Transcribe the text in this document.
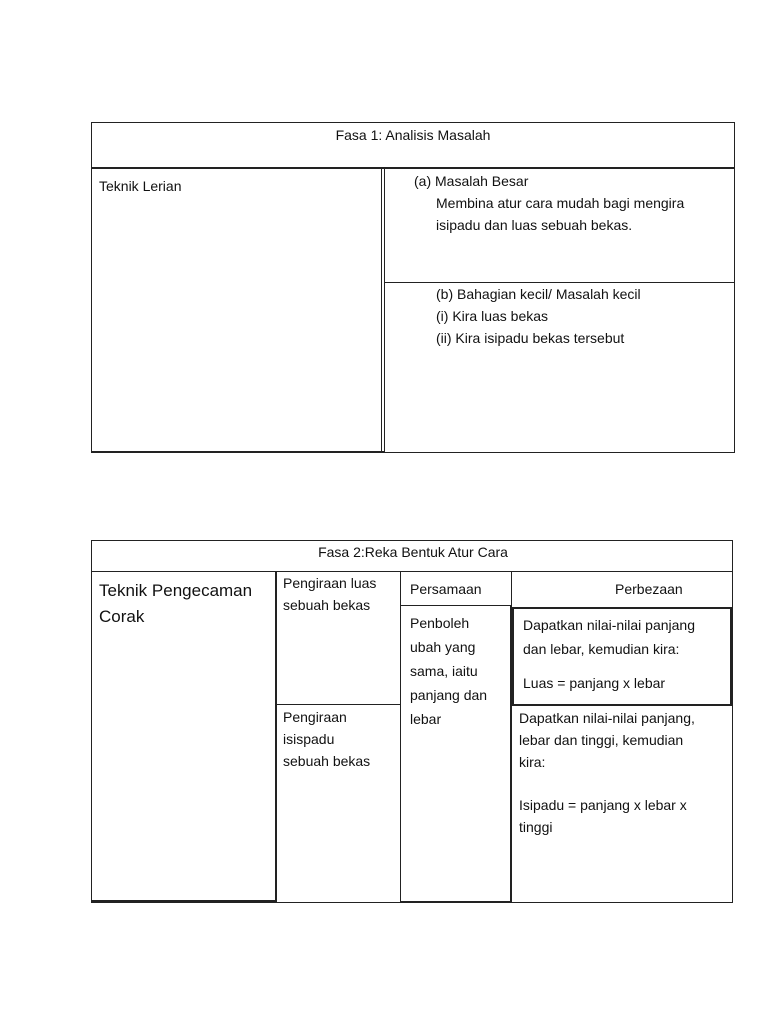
Fasa 1: Analisis Masalah
Teknik Lerian	(a) Masalah Besar
Membina atur cara mudah bagi mengira
isipadu dan luas sebuah bekas.
(b) Bahagian kecil/ Masalah kecil
(i) Kira luas bekas
(ii) Kira isipadu bekas tersebut
Fasa 2:Reka Bentuk Atur Cara
Teknik Pengecaman
Corak
Pengiraan luas
sebuah bekas
Pengiraan
isispadu
sebuah bekas
Persamaan
Penboleh
ubah yang
sama, iaitu
panjang dan
lebar
Perbezaan
Dapatkan nilai-nilai panjang
dan lebar, kemudian kira:
Luas = panjang x lebar
Dapatkan nilai-nilai panjang,
lebar dan tinggi, kemudian
kira:
Isipadu = panjang x lebar x
tinggi
